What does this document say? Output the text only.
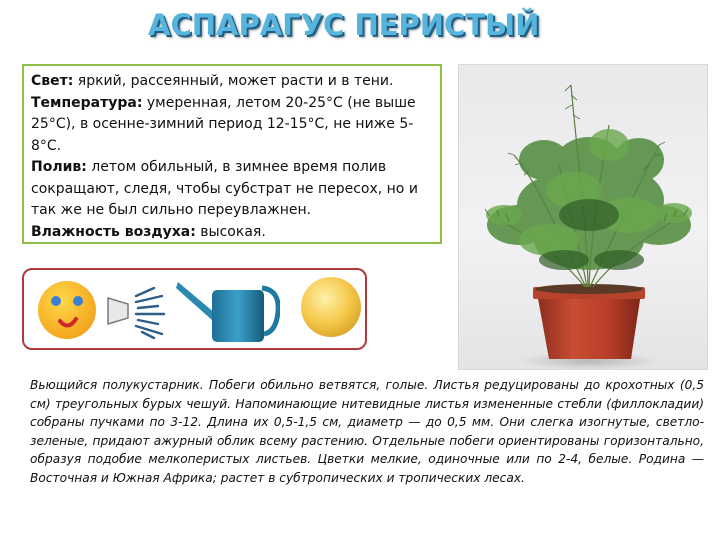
АСПАРАГУС ПЕРИСТЫЙ

Свет: яркий, рассеянный, может расти и в тени.

Температура: умеренная, летом 20-25°C (не выше 25°C), в осенне-зимний период 12-15°C, не ниже 5-8°C.

Полив: летом обильный, в зимнее время полив сокращают, следя, чтобы субстрат не пересох, но и так же не был сильно переувлажнен.

Влажность воздуха: высокая.

Вьющийся полукустарник. Побеги обильно ветвятся, голые. Листья редуцированы до крохотных (0,5 см) треугольных бурых чешуй. Напоминающие нитевидные листья измененные стебли (филлокладии) собраны пучками по 3-12. Длина их 0,5-1,5 см, диаметр — до 0,5 мм. Они слегка изогнутые, светло-зеленые, придают ажурный облик всему растению. Отдельные побеги ориентированы горизонтально, образуя подобие мелкоперистых листьев. Цветки мелкие, одиночные или по 2-4, белые. Родина — Восточная и Южная Африка; растет в субтропических и тропических лесах.
